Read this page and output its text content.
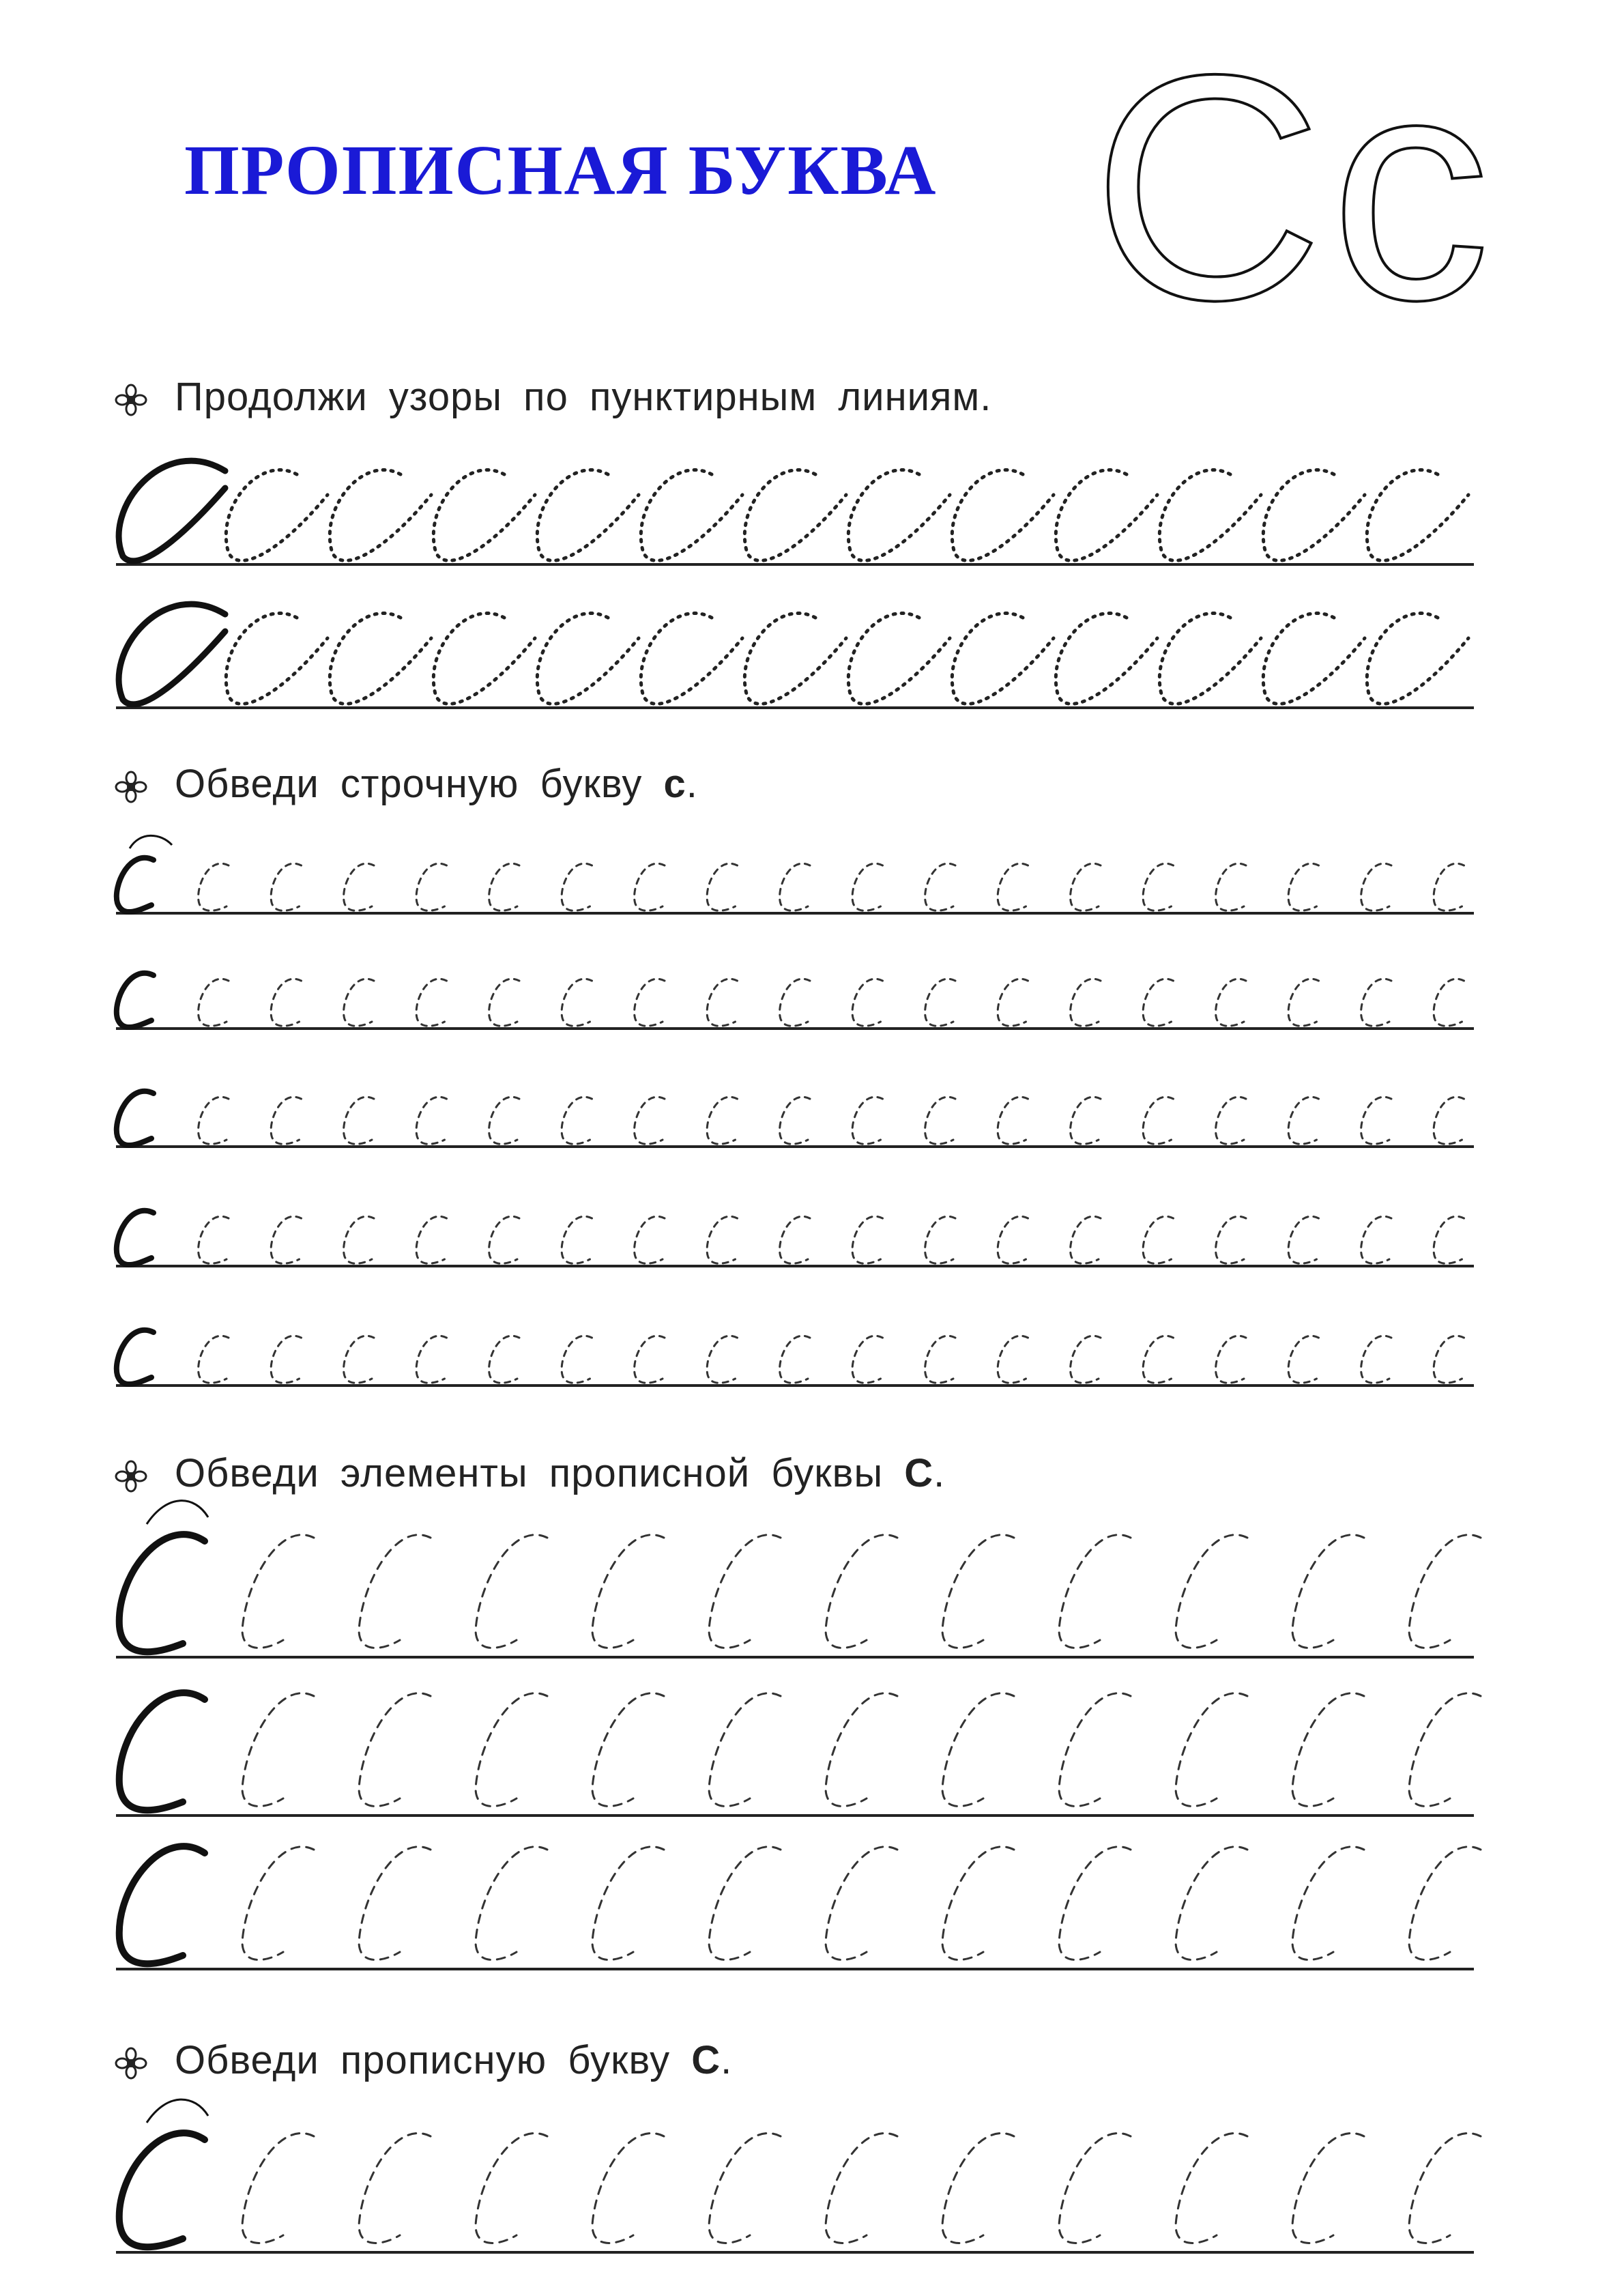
ПРОПИСНАЯ БУКВА Сс
Продолжи узоры по пунктирным линиям.
Обведи строчную букву с.
Обведи элементы прописной буквы С.
Обведи прописную букву С.
